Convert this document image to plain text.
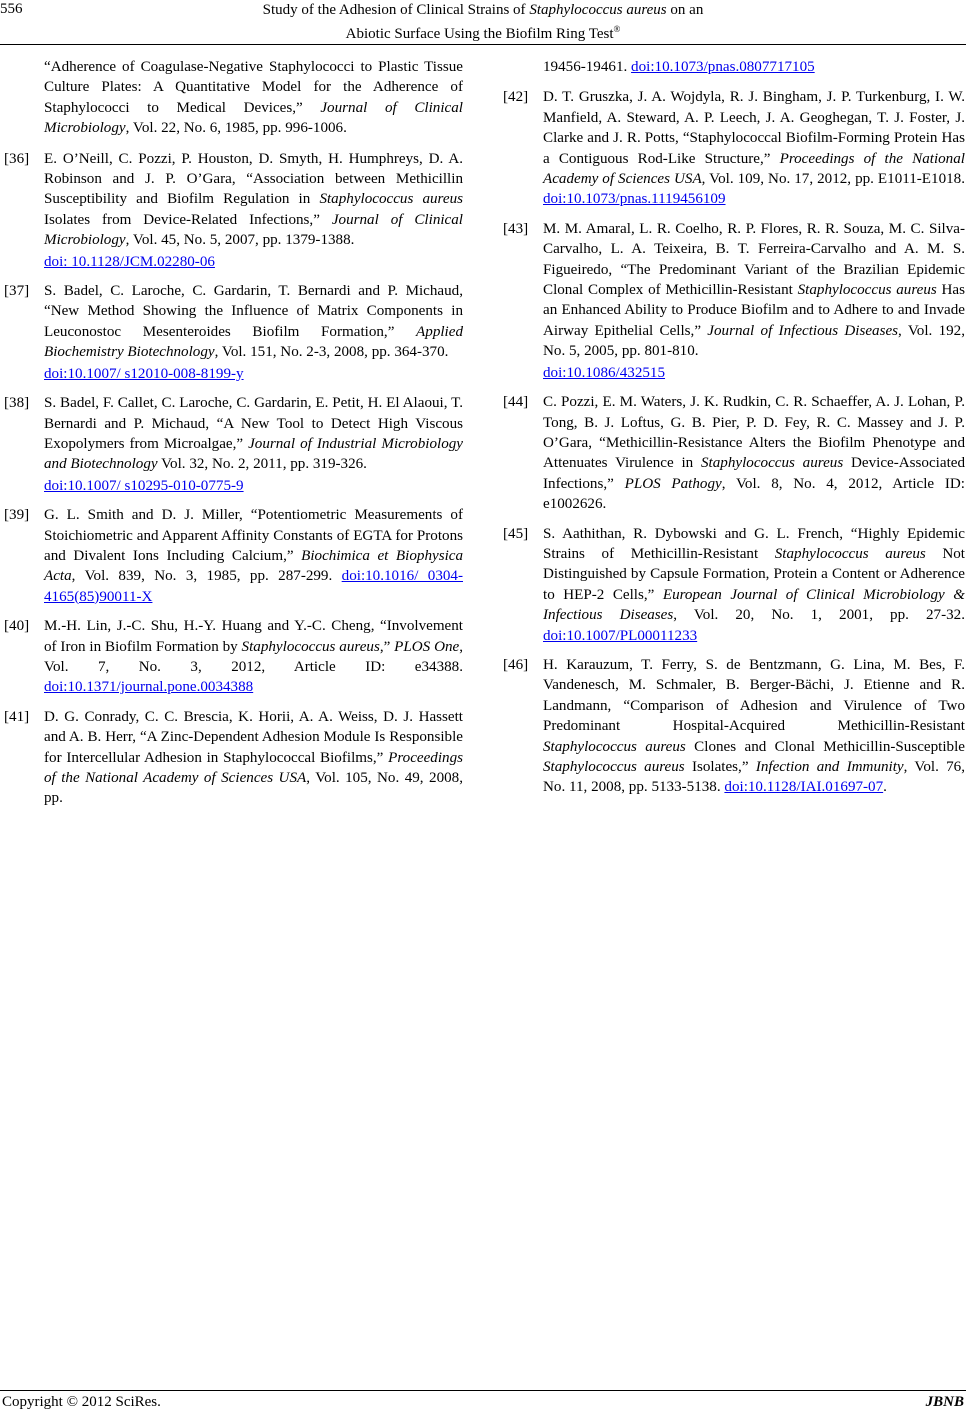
556	Study of the Adhesion of Clinical Strains of Staphylococcus aureus on an
Abiotic Surface Using the Biofilm Ring Test®
“Adherence of Coagulase-Negative Staphylococci to Plastic Tissue Culture Plates: A Quantitative Model for the Adherence of Staphylococci to Medical Devices,” Journal of Clinical Microbiology, Vol. 22, No. 6, 1985, pp. 996-1006.
[36] E. O’Neill, C. Pozzi, P. Houston, D. Smyth, H. Humphreys, D. A. Robinson and J. P. O’Gara, “Association between Methicillin Susceptibility and Biofilm Regulation in Staphylococcus aureus Isolates from Device-Related Infections,” Journal of Clinical Microbiology, Vol. 45, No. 5, 2007, pp. 1379-1388.
doi: 10.1128/JCM.02280-06
[37] S. Badel, C. Laroche, C. Gardarin, T. Bernardi and P. Michaud, “New Method Showing the Influence of Matrix Components in Leuconostoc Mesenteroides Biofilm Formation,” Applied Biochemistry Biotechnology, Vol. 151, No. 2-3, 2008, pp. 364-370.
doi:10.1007/ s12010-008-8199-y
[38] S. Badel, F. Callet, C. Laroche, C. Gardarin, E. Petit, H. El Alaoui, T. Bernardi and P. Michaud, “A New Tool to Detect High Viscous Exopolymers from Microalgae,” Journal of Industrial Microbiology and Biotechnology Vol. 32, No. 2, 2011, pp. 319-326.
doi:10.1007/ s10295-010-0775-9
[39] G. L. Smith and D. J. Miller, “Potentiometric Measurements of Stoichiometric and Apparent Affinity Constants of EGTA for Protons and Divalent Ions Including Calcium,” Biochimica et Biophysica Acta, Vol. 839, No. 3, 1985, pp. 287-299. doi:10.1016/ 0304-4165(85)90011-X
[40] M.-H. Lin, J.-C. Shu, H.-Y. Huang and Y.-C. Cheng, “Involvement of Iron in Biofilm Formation by Staphylococcus aureus,” PLOS One, Vol. 7, No. 3, 2012, Article ID: e34388. doi:10.1371/journal.pone.0034388
[41] D. G. Conrady, C. C. Brescia, K. Horii, A. A. Weiss, D. J. Hassett and A. B. Herr, “A Zinc-Dependent Adhesion Module Is Responsible for Intercellular Adhesion in Staphylococcal Biofilms,” Proceedings of the National Academy of Sciences USA, Vol. 105, No. 49, 2008, pp.
19456-19461. doi:10.1073/pnas.0807717105
[42] D. T. Gruszka, J. A. Wojdyla, R. J. Bingham, J. P. Turkenburg, I. W. Manfield, A. Steward, A. P. Leech, J. A. Geoghegan, T. J. Foster, J. Clarke and J. R. Potts, “Staphylococcal Biofilm-Forming Protein Has a Contiguous Rod-Like Structure,” Proceedings of the National Academy of Sciences USA, Vol. 109, No. 17, 2012, pp. E1011-E1018. doi:10.1073/pnas.1119456109
[43] M. M. Amaral, L. R. Coelho, R. P. Flores, R. R. Souza, M. C. Silva-Carvalho, L. A. Teixeira, B. T. Ferreira-Carvalho and A. M. S. Figueiredo, “The Predominant Variant of the Brazilian Epidemic Clonal Complex of Methicillin-Resistant Staphylococcus aureus Has an Enhanced Ability to Produce Biofilm and to Adhere to and Invade Airway Epithelial Cells,” Journal of Infectious Diseases, Vol. 192, No. 5, 2005, pp. 801-810.
doi:10.1086/432515
[44] C. Pozzi, E. M. Waters, J. K. Rudkin, C. R. Schaeffer, A. J. Lohan, P. Tong, B. J. Loftus, G. B. Pier, P. D. Fey, R. C. Massey and J. P. O’Gara, “Methicillin-Resistance Alters the Biofilm Phenotype and Attenuates Virulence in Staphylococcus aureus Device-Associated Infections,” PLOS Pathogy, Vol. 8, No. 4, 2012, Article ID: e1002626.
[45] S. Aathithan, R. Dybowski and G. L. French, “Highly Epidemic Strains of Methicillin-Resistant Staphylococcus aureus Not Distinguished by Capsule Formation, Protein a Content or Adherence to HEP-2 Cells,” European Journal of Clinical Microbiology & Infectious Diseases, Vol. 20, No. 1, 2001, pp. 27-32. doi:10.1007/PL00011233
[46] H. Karauzum, T. Ferry, S. de Bentzmann, G. Lina, M. Bes, F. Vandenesch, M. Schmaler, B. Berger-Bächi, J. Etienne and R. Landmann, “Comparison of Adhesion and Virulence of Two Predominant Hospital-Acquired Methicillin-Resistant Staphylococcus aureus Clones and Clonal Methicillin-Susceptible Staphylococcus aureus Isolates,” Infection and Immunity, Vol. 76, No. 11, 2008, pp. 5133-5138. doi:10.1128/IAI.01697-07.
Copyright © 2012 SciRes.	JBNB
